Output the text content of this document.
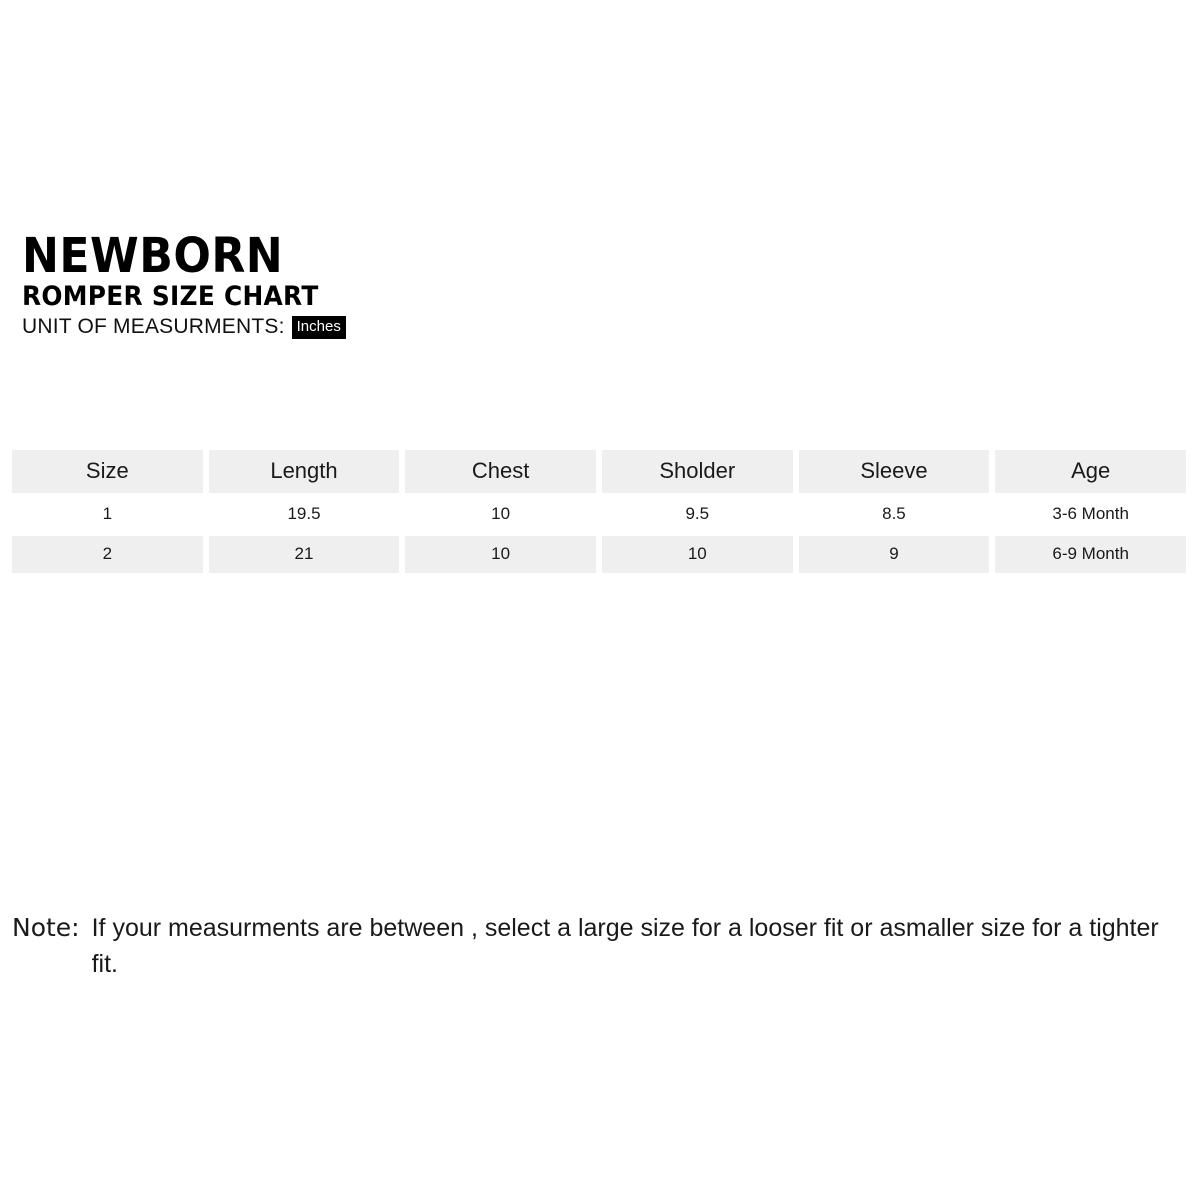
NEWBORN
ROMPER SIZE CHART
UNIT OF MEASURMENTS: Inches
Size	Length	Chest	Sholder	Sleeve	Age
1	19.5	10	9.5	8.5	3-6 Month
2	21	10	10	9	6-9 Month
Note: If your measurments are between , select a large size for a looser fit or asmaller size for a tighter fit.
